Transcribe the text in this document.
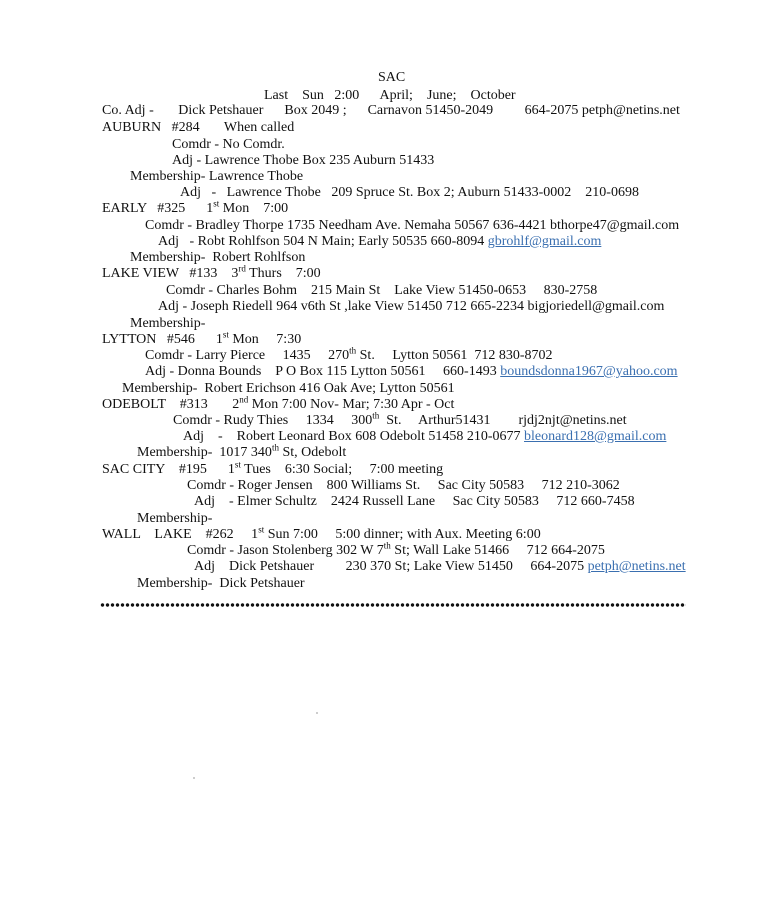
SAC
Last    Sun   2:00      April;    June;    October
Co. Adj -       Dick Petshauer      Box 2049 ;      Carnavon 51450-2049         664-2075 petph@netins.net
AUBURN   #284       When called
Comdr - No Comdr.
Adj - Lawrence Thobe Box 235 Auburn 51433
Membership- Lawrence Thobe
Adj   -   Lawrence Thobe   209 Spruce St. Box 2; Auburn 51433-0002    210-0698
EARLY   #325      1st Mon    7:00
Comdr - Bradley Thorpe 1735 Needham Ave. Nemaha 50567 636-4421 bthorpe47@gmail.com
Adj   - Robt Rohlfson 504 N Main; Early 50535 660-8094 gbrohlf@gmail.com
Membership-  Robert Rohlfson
LAKE VIEW   #133    3rd Thurs    7:00
Comdr - Charles Bohm    215 Main St    Lake View 51450-0653     830-2758
Adj - Joseph Riedell 964 v6th St ,lake View 51450 712 665-2234 bigjoriedell@gmail.com
Membership-
LYTTON   #546      1st Mon     7:30
Comdr - Larry Pierce     1435     270th St.     Lytton 50561  712 830-8702
Adj - Donna Bounds    P O Box 115 Lytton 50561     660-1493 boundsdonna1967@yahoo.com
Membership-  Robert Erichson 416 Oak Ave; Lytton 50561
ODEBOLT    #313       2nd Mon 7:00 Nov- Mar; 7:30 Apr - Oct
Comdr - Rudy Thies     1334     300th  St.     Arthur51431        rjdj2njt@netins.net
Adj    -    Robert Leonard Box 608 Odebolt 51458 210-0677 bleonard128@gmail.com
Membership-  1017 340th St, Odebolt
SAC CITY    #195      1st Tues    6:30 Social;     7:00 meeting
Comdr - Roger Jensen    800 Williams St.     Sac City 50583     712 210-3062
Adj    - Elmer Schultz    2424 Russell Lane     Sac City 50583     712 660-7458
Membership-
WALL    LAKE    #262     1st Sun 7:00     5:00 dinner; with Aux. Meeting 6:00
Comdr - Jason Stolenberg 302 W 7th St; Wall Lake 51466     712 664-2075
Adj    Dick Petshauer         230 370 St; Lake View 51450     664-2075 petph@netins.net
Membership-  Dick Petshauer
